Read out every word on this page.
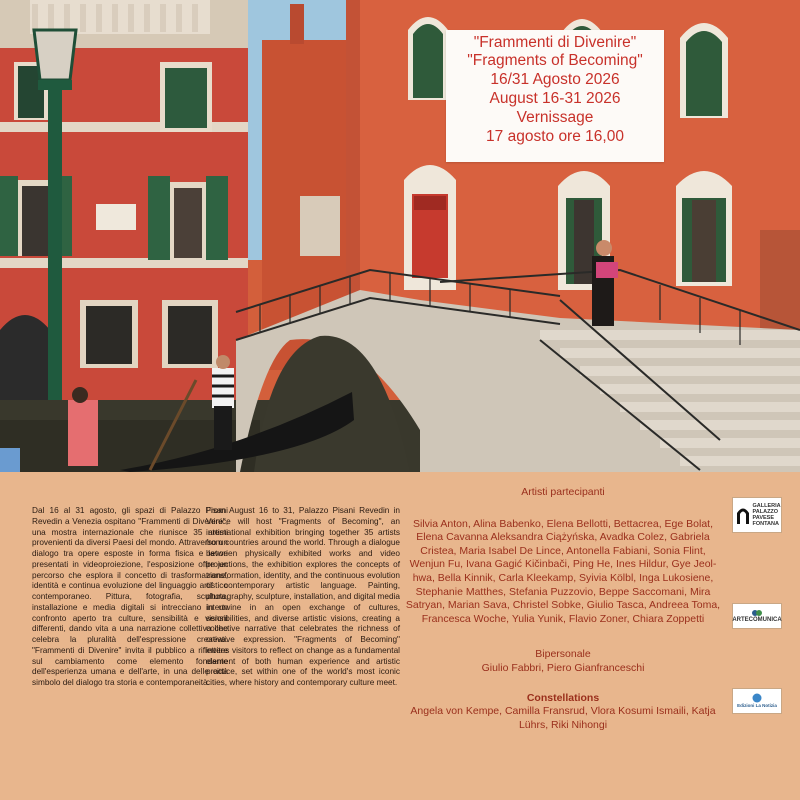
"Frammenti di Divenire"
"Fragments of Becoming"
16/31 Agosto 2026
August 16-31 2026
Vernissage
17 agosto ore 16,00
Dal 16 al 31 agosto, gli spazi di Palazzo Pisani Revedin a Venezia ospitano "Frammenti di Divenire", una mostra internazionale che riunisce 35 artisti provenienti da diversi Paesi del mondo. Attraverso un dialogo tra opere esposte in forma fisica e lavori presentati in videoproiezione, l'esposizione offre un percorso che esplora il concetto di trasformazione, identità e continua evoluzione del linguaggio artistico contemporaneo. Pittura, fotografia, scultura, installazione e media digitali si intrecciano in un confronto aperto tra culture, sensibilità e visioni differenti, dando vita a una narrazione collettiva che celebra la pluralità dell'espressione creativa. "Frammenti di Divenire" invita il pubblico a riflettere sul cambiamento come elemento fondante dell'esperienza umana e dell'arte, in una delle città simbolo del dialogo tra storia e contemporaneità.
From August 16 to 31, Palazzo Pisani Revedin in Venice will host "Fragments of Becoming", an international exhibition bringing together 35 artists from countries around the world. Through a dialogue between physically exhibited works and video projections, the exhibition explores the concepts of transformation, identity, and the continuous evolution of contemporary artistic language. Painting, photography, sculpture, installation, and digital media intertwine in an open exchange of cultures, sensibilities, and diverse artistic visions, creating a collective narrative that celebrates the richness of creative expression. "Fragments of Becoming" invites visitors to reflect on change as a fundamental element of both human experience and artistic practice, set within one of the world's most iconic cities, where history and contemporary culture meet.
Artisti partecipanti
Silvia Anton, Alina Babenko, Elena Bellotti, Bettacrea, Ege Bolat, Elena Cavanna Aleksandra Ciążyńska, Avadka Colez, Gabriela Cristea, Maria Isabel De Lince, Antonella Fabiani, Sonia Flint, Wenjun Fu, Ivana Gagić Kičinbači, Ping He, Ines Hildur, Gye Jeol-hwa, Bella Kinnik, Carla Kleekamp, Syivia Kölbl, Inga Lukosiene, Stephanie Matthes, Stefania Puzzovio, Beppe Saccomani, Mira Satryan, Marian Sava, Christel Sobke, Giulio Tasca, Andreea Toma, Francesca Woche, Yulia Yunik, Flavio Zoner, Chiara Zoppetti
Bipersonale
Giulio Fabbri, Piero Gianfranceschi
Constellations
Angela von Kempe, Camilla Fransrud, Vlora Kosumi Ismaili, Katja Lührs, Riki Nihongi
GALLERIA PALAZZO PAVESE FONTANA
ARTECOMUNICA
Edizioni La Notizia
